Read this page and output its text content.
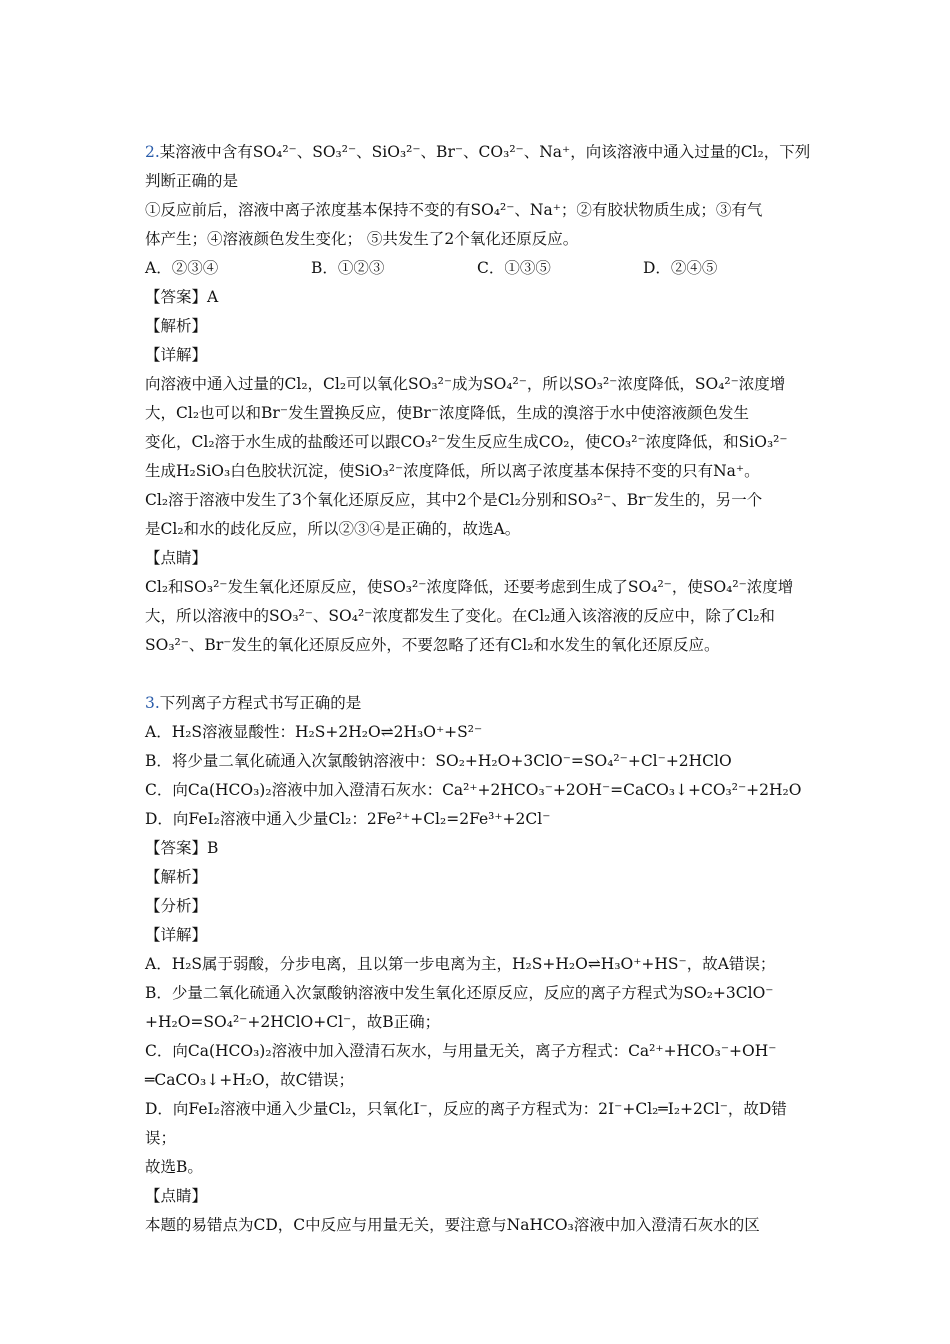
2.某溶液中含有SO₄²⁻、SO₃²⁻、SiO₃²⁻、Br⁻、CO₃²⁻、Na⁺，向该溶液中通入过量的Cl₂，下列
判断正确的是
①反应前后，溶液中离子浓度基本保持不变的有SO₄²⁻、Na⁺；②有胶状物质生成；③有气
体产生；④溶液颜色发生变化； ⑤共发生了2个氧化还原反应。
A．②③④	B．①②③	C．①③⑤	D．②④⑤
【答案】A
【解析】
【详解】
向溶液中通入过量的Cl₂，Cl₂可以氧化SO₃²⁻成为SO₄²⁻，所以SO₃²⁻浓度降低，SO₄²⁻浓度增
大，Cl₂也可以和Br⁻发生置换反应，使Br⁻浓度降低，生成的溴溶于水中使溶液颜色发生
变化，Cl₂溶于水生成的盐酸还可以跟CO₃²⁻发生反应生成CO₂，使CO₃²⁻浓度降低，和SiO₃²⁻
生成H₂SiO₃白色胶状沉淀，使SiO₃²⁻浓度降低，所以离子浓度基本保持不变的只有Na⁺。
Cl₂溶于溶液中发生了3个氧化还原反应，其中2个是Cl₂分别和SO₃²⁻、Br⁻发生的，另一个
是Cl₂和水的歧化反应，所以②③④是正确的，故选A。
【点睛】
Cl₂和SO₃²⁻发生氧化还原反应，使SO₃²⁻浓度降低，还要考虑到生成了SO₄²⁻，使SO₄²⁻浓度增
大，所以溶液中的SO₃²⁻、SO₄²⁻浓度都发生了变化。在Cl₂通入该溶液的反应中，除了Cl₂和
SO₃²⁻、Br⁻发生的氧化还原反应外，不要忽略了还有Cl₂和水发生的氧化还原反应。
3.下列离子方程式书写正确的是
A．H₂S溶液显酸性：H₂S+2H₂O⇌2H₃O⁺+S²⁻
B．将少量二氧化硫通入次氯酸钠溶液中：SO₂+H₂O+3ClO⁻=SO₄²⁻+Cl⁻+2HClO
C．向Ca(HCO₃)₂溶液中加入澄清石灰水：Ca²⁺+2HCO₃⁻+2OH⁻=CaCO₃↓+CO₃²⁻+2H₂O
D．向FeI₂溶液中通入少量Cl₂：2Fe²⁺+Cl₂=2Fe³⁺+2Cl⁻
【答案】B
【解析】
【分析】
【详解】
A．H₂S属于弱酸，分步电离，且以第一步电离为主，H₂S+H₂O⇌H₃O⁺+HS⁻，故A错误；
B．少量二氧化硫通入次氯酸钠溶液中发生氧化还原反应，反应的离子方程式为SO₂+3ClO⁻
+H₂O=SO₄²⁻+2HClO+Cl⁻，故B正确；
C．向Ca(HCO₃)₂溶液中加入澄清石灰水，与用量无关，离子方程式：Ca²⁺+HCO₃⁻+OH⁻
═CaCO₃↓+H₂O，故C错误；
D．向FeI₂溶液中通入少量Cl₂，只氧化I⁻，反应的离子方程式为：2I⁻+Cl₂═I₂+2Cl⁻，故D错
误；
故选B。
【点睛】
本题的易错点为CD，C中反应与用量无关，要注意与NaHCO₃溶液中加入澄清石灰水的区
